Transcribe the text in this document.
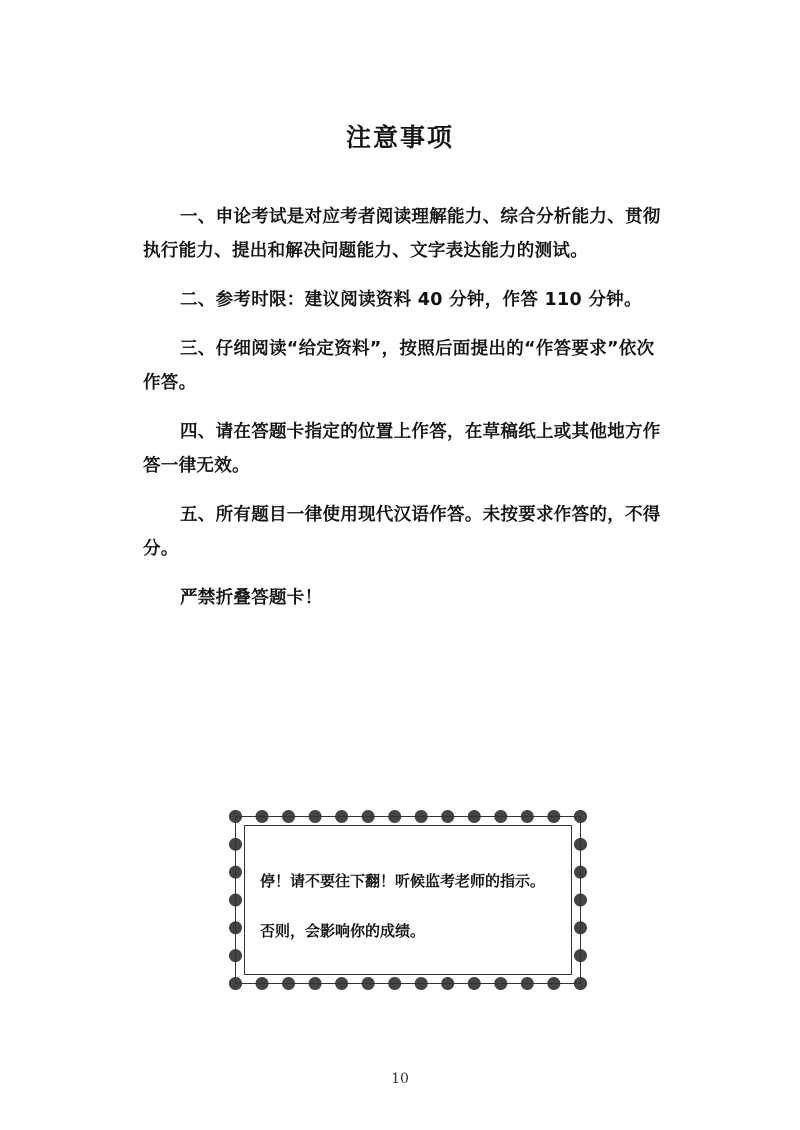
注意事项

一、申论考试是对应考者阅读理解能力、综合分析能力、贯彻执行能力、提出和解决问题能力、文字表达能力的测试。

二、参考时限：建议阅读资料 40 分钟，作答 110 分钟。

三、仔细阅读“给定资料”，按照后面提出的“作答要求”依次作答。

四、请在答题卡指定的位置上作答，在草稿纸上或其他地方作答一律无效。

五、所有题目一律使用现代汉语作答。未按要求作答的，不得分。

严禁折叠答题卡！

停！请不要往下翻！听候监考老师的指示。

否则，会影响你的成绩。

10
